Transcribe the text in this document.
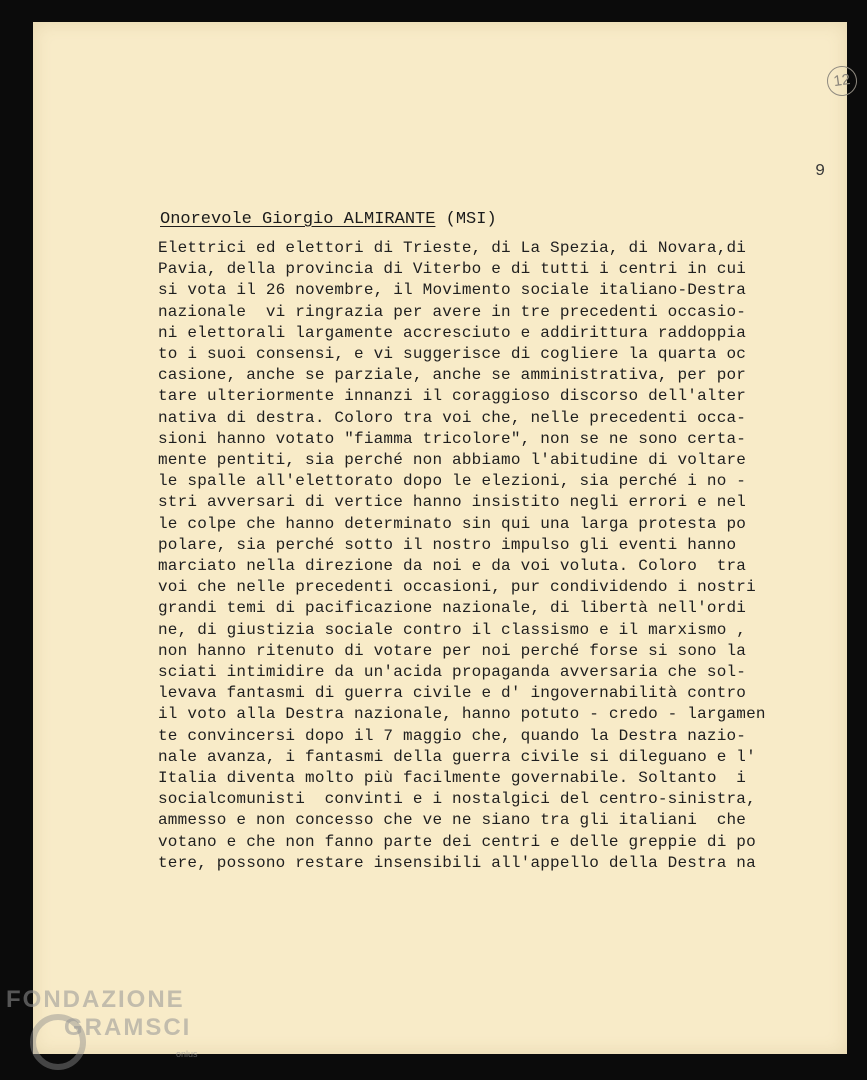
12
9
Onorevole Giorgio ALMIRANTE (MSI)
Elettrici ed elettori di Trieste, di La Spezia, di Novara,di
Pavia, della provincia di Viterbo e di tutti i centri in cui
si vota il 26 novembre, il Movimento sociale italiano-Destra
nazionale  vi ringrazia per avere in tre precedenti occasio-
ni elettorali largamente accresciuto e addirittura raddoppia
to i suoi consensi, e vi suggerisce di cogliere la quarta oc
casione, anche se parziale, anche se amministrativa, per por
tare ulteriormente innanzi il coraggioso discorso dell'alter
nativa di destra. Coloro tra voi che, nelle precedenti occa-
sioni hanno votato "fiamma tricolore", non se ne sono certa-
mente pentiti, sia perché non abbiamo l'abitudine di voltare
le spalle all'elettorato dopo le elezioni, sia perché i no -
stri avversari di vertice hanno insistito negli errori e nel
le colpe che hanno determinato sin qui una larga protesta po
polare, sia perché sotto il nostro impulso gli eventi hanno
marciato nella direzione da noi e da voi voluta. Coloro  tra
voi che nelle precedenti occasioni, pur condividendo i nostri
grandi temi di pacificazione nazionale, di libertà nell'ordi
ne, di giustizia sociale contro il classismo e il marxismo ,
non hanno ritenuto di votare per noi perché forse si sono la
sciati intimidire da un'acida propaganda avversaria che sol-
levava fantasmi di guerra civile e d' ingovernabilità contro
il voto alla Destra nazionale, hanno potuto - credo - largamen
te convincersi dopo il 7 maggio che, quando la Destra nazio-
nale avanza, i fantasmi della guerra civile si dileguano e l'
Italia diventa molto più facilmente governabile. Soltanto  i
socialcomunisti  convinti e i nostalgici del centro-sinistra,
ammesso e non concesso che ve ne siano tra gli italiani  che
votano e che non fanno parte dei centri e delle greppie di po
tere, possono restare insensibili all'appello della Destra na
FONDAZIONE
GRAMSCI
onlus
